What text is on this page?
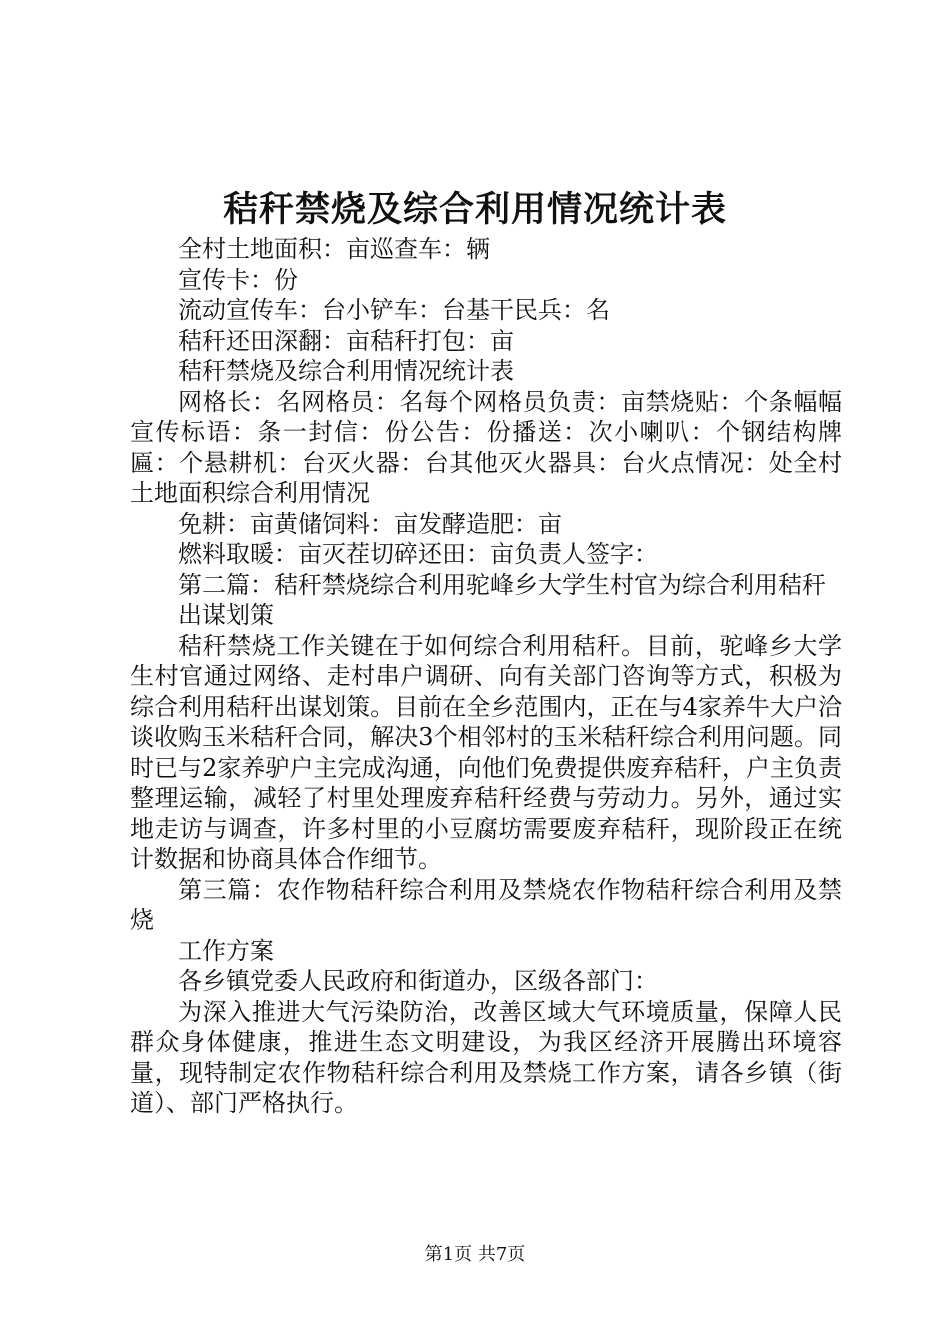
秸秆禁烧及综合利用情况统计表

全村土地面积：亩巡查车：辆

宣传卡：份

流动宣传车：台小铲车：台基干民兵：名

秸秆还田深翻：亩秸秆打包：亩

秸秆禁烧及综合利用情况统计表

网格长：名网格员：名每个网格员负责：亩禁烧贴：个条幅幅宣传标语：条一封信：份公告：份播送：次小喇叭：个钢结构牌匾：个悬耕机：台灭火器：台其他灭火器具：台火点情况：处全村土地面积综合利用情况

免耕：亩黄储饲料：亩发酵造肥：亩

燃料取暖：亩灭茬切碎还田：亩负责人签字：

第二篇：秸秆禁烧综合利用驼峰乡大学生村官为综合利用秸秆

出谋划策

秸秆禁烧工作关键在于如何综合利用秸秆。目前，驼峰乡大学生村官通过网络、走村串户调研、向有关部门咨询等方式，积极为综合利用秸秆出谋划策。目前在全乡范围内，正在与4家养牛大户洽谈收购玉米秸秆合同，解决3个相邻村的玉米秸秆综合利用问题。同时已与2家养驴户主完成沟通，向他们免费提供废弃秸秆，户主负责整理运输，减轻了村里处理废弃秸秆经费与劳动力。另外，通过实地走访与调查，许多村里的小豆腐坊需要废弃秸秆，现阶段正在统计数据和协商具体合作细节。

第三篇：农作物秸秆综合利用及禁烧农作物秸秆综合利用及禁烧

工作方案

各乡镇党委人民政府和街道办，区级各部门：

为深入推进大气污染防治，改善区域大气环境质量，保障人民群众身体健康，推进生态文明建设，为我区经济开展腾出环境容量，现特制定农作物秸秆综合利用及禁烧工作方案，请各乡镇（街道）、部门严格执行。

第1页 共7页
